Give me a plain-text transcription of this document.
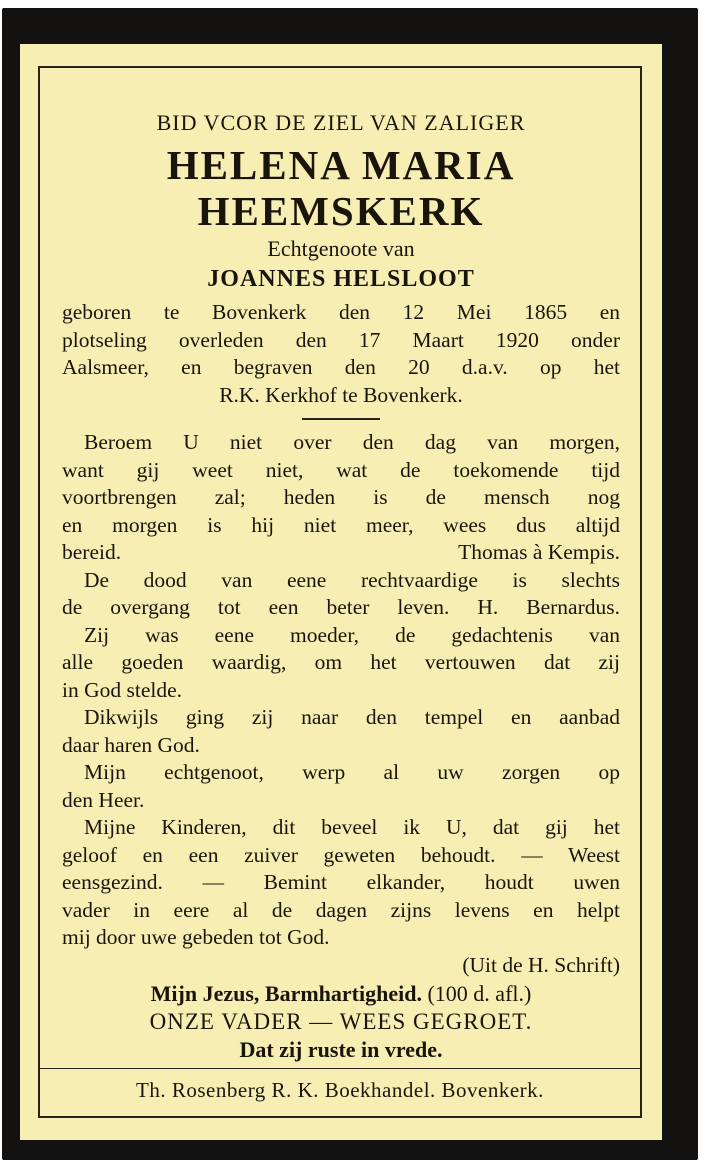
BID VCOR DE ZIEL VAN ZALIGER
HELENA MARIA
HEEMSKERK
Echtgenoote van
JOANNES HELSLOOT
geboren te Bovenkerk den 12 Mei 1865 en
plotseling overleden den 17 Maart 1920 onder
Aalsmeer, en begraven den 20 d.a.v. op het
R.K. Kerkhof te Bovenkerk.
Beroem U niet over den dag van morgen,
want gij weet niet, wat de toekomende tijd
voortbrengen zal; heden is de mensch nog
en morgen is hij niet meer, wees dus altijd
bereid.	Thomas à Kempis.
De dood van eene rechtvaardige is slechts
de overgang tot een beter leven. H. Bernardus.
Zij was eene moeder, de gedachtenis van
alle goeden waardig, om het vertouwen dat zij
in God stelde.
Dikwijls ging zij naar den tempel en aanbad
daar haren God.
Mijn echtgenoot, werp al uw zorgen op
den Heer.
Mijne Kinderen, dit beveel ik U, dat gij het
geloof en een zuiver geweten behoudt. — Weest
eensgezind. — Bemint elkander, houdt uwen
vader in eere al de dagen zijns levens en helpt
mij door uwe gebeden tot God.
(Uit de H. Schrift)
Mijn Jezus, Barmhartigheid. (100 d. afl.)
ONZE VADER — WEES GEGROET.
Dat zij ruste in vrede.
Th. Rosenberg R. K. Boekhandel. Bovenkerk.
